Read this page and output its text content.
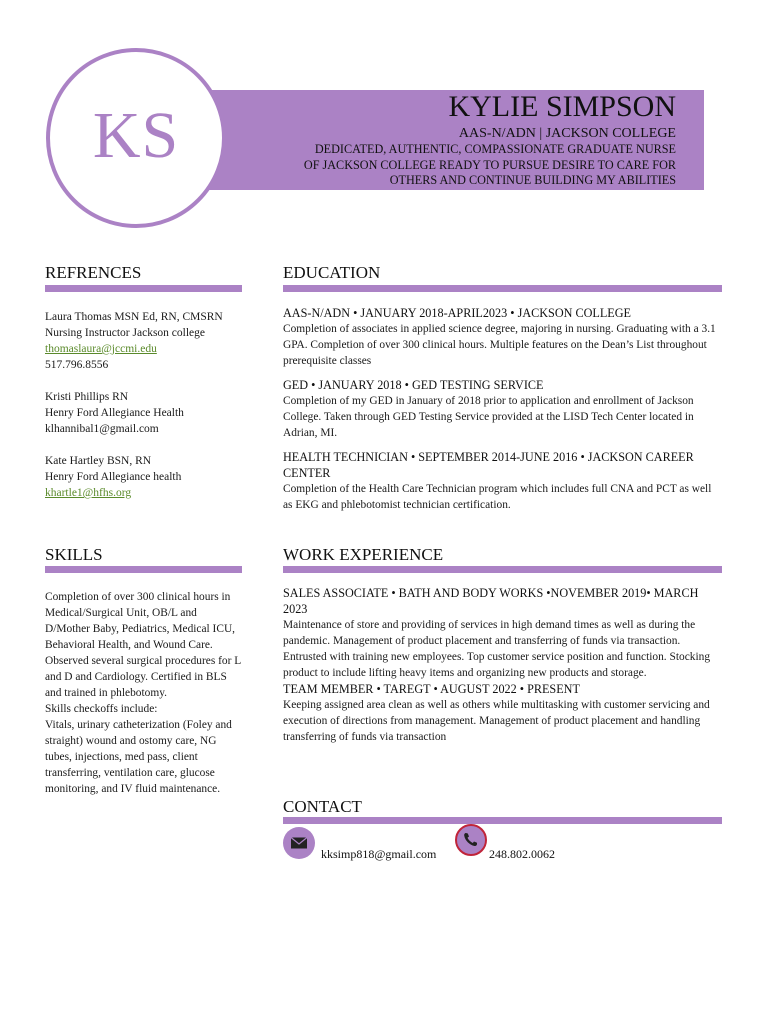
KS	KYLIE SIMPSON
AAS-N/ADN | JACKSON COLLEGE
DEDICATED, AUTHENTIC, COMPASSIONATE GRADUATE NURSE
OF JACKSON COLLEGE READY TO PURSUE DESIRE TO CARE FOR
OTHERS AND CONTINUE BUILDING MY ABILITIES
REFRENCES
Laura Thomas MSN Ed, RN, CMSRN
Nursing Instructor Jackson college
thomaslaura@jccmi.edu
517.796.8556
Kristi Phillips RN
Henry Ford Allegiance Health
klhannibal1@gmail.com
Kate Hartley BSN, RN
Henry Ford Allegiance health
khartle1@hfhs.org
SKILLS
Completion of over 300 clinical hours in Medical/Surgical Unit, OB/L and D/Mother Baby, Pediatrics, Medical ICU, Behavioral Health, and Wound Care. Observed several surgical procedures for L and D and Cardiology. Certified in BLS and trained in phlebotomy.
Skills checkoffs include:
Vitals, urinary catheterization (Foley and straight) wound and ostomy care, NG tubes, injections, med pass, client transferring, ventilation care, glucose monitoring, and IV fluid maintenance.
EDUCATION
AAS-N/ADN • JANUARY 2018-APRIL2023 • JACKSON COLLEGE
Completion of associates in applied science degree, majoring in nursing. Graduating with a 3.1 GPA. Completion of over 300 clinical hours. Multiple features on the Dean’s List throughout prerequisite classes
GED • JANUARY 2018 • GED TESTING SERVICE
Completion of my GED in January of 2018 prior to application and enrollment of Jackson College. Taken through GED Testing Service provided at the LISD Tech Center located in Adrian, MI.
HEALTH TECHNICIAN • SEPTEMBER 2014-JUNE 2016 • JACKSON CAREER CENTER
Completion of the Health Care Technician program which includes full CNA and PCT as well as EKG and phlebotomist technician certification.
WORK EXPERIENCE
SALES ASSOCIATE • BATH AND BODY WORKS •NOVEMBER 2019• MARCH 2023
Maintenance of store and providing of services in high demand times as well as during the pandemic. Management of product placement and transferring of funds via transaction. Entrusted with training new employees. Top customer service position and function. Stocking product to include lifting heavy items and organizing new products and storage.
TEAM MEMBER • TAREGT • AUGUST 2022 • PRESENT
Keeping assigned area clean as well as others while multitasking with customer servicing and execution of directions from management. Management of product placement and handling transferring of funds via transaction
CONTACT
kksimp818@gmail.com	248.802.0062
